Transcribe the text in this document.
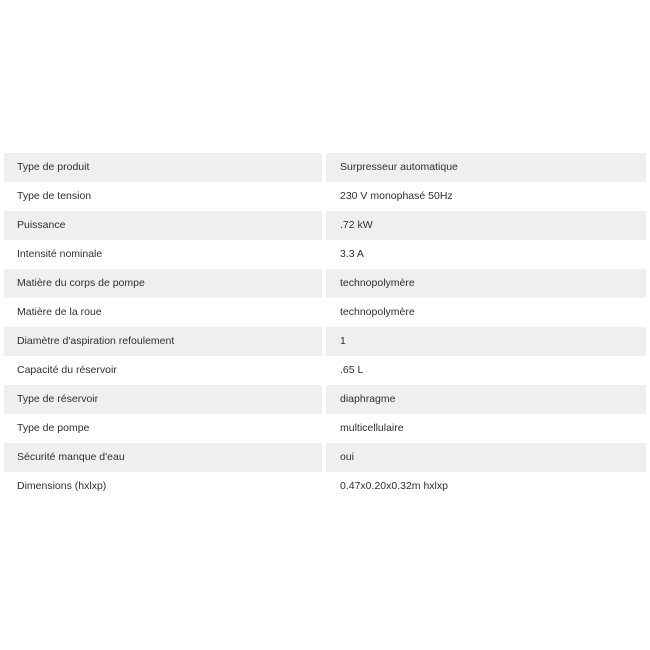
Type de produit		Surpresseur automatique
Type de tension		230 V monophasé 50Hz
Puissance		.72 kW
Intensité nominale		3.3 A
Matière du corps de pompe		technopolymère
Matière de la roue		technopolymère
Diamètre d'aspiration refoulement		1
Capacité du réservoir		.65 L
Type de réservoir		diaphragme
Type de pompe		multicellulaire
Sécurité manque d'eau		oui
Dimensions (hxlxp)		0.47x0.20x0.32m hxlxp
